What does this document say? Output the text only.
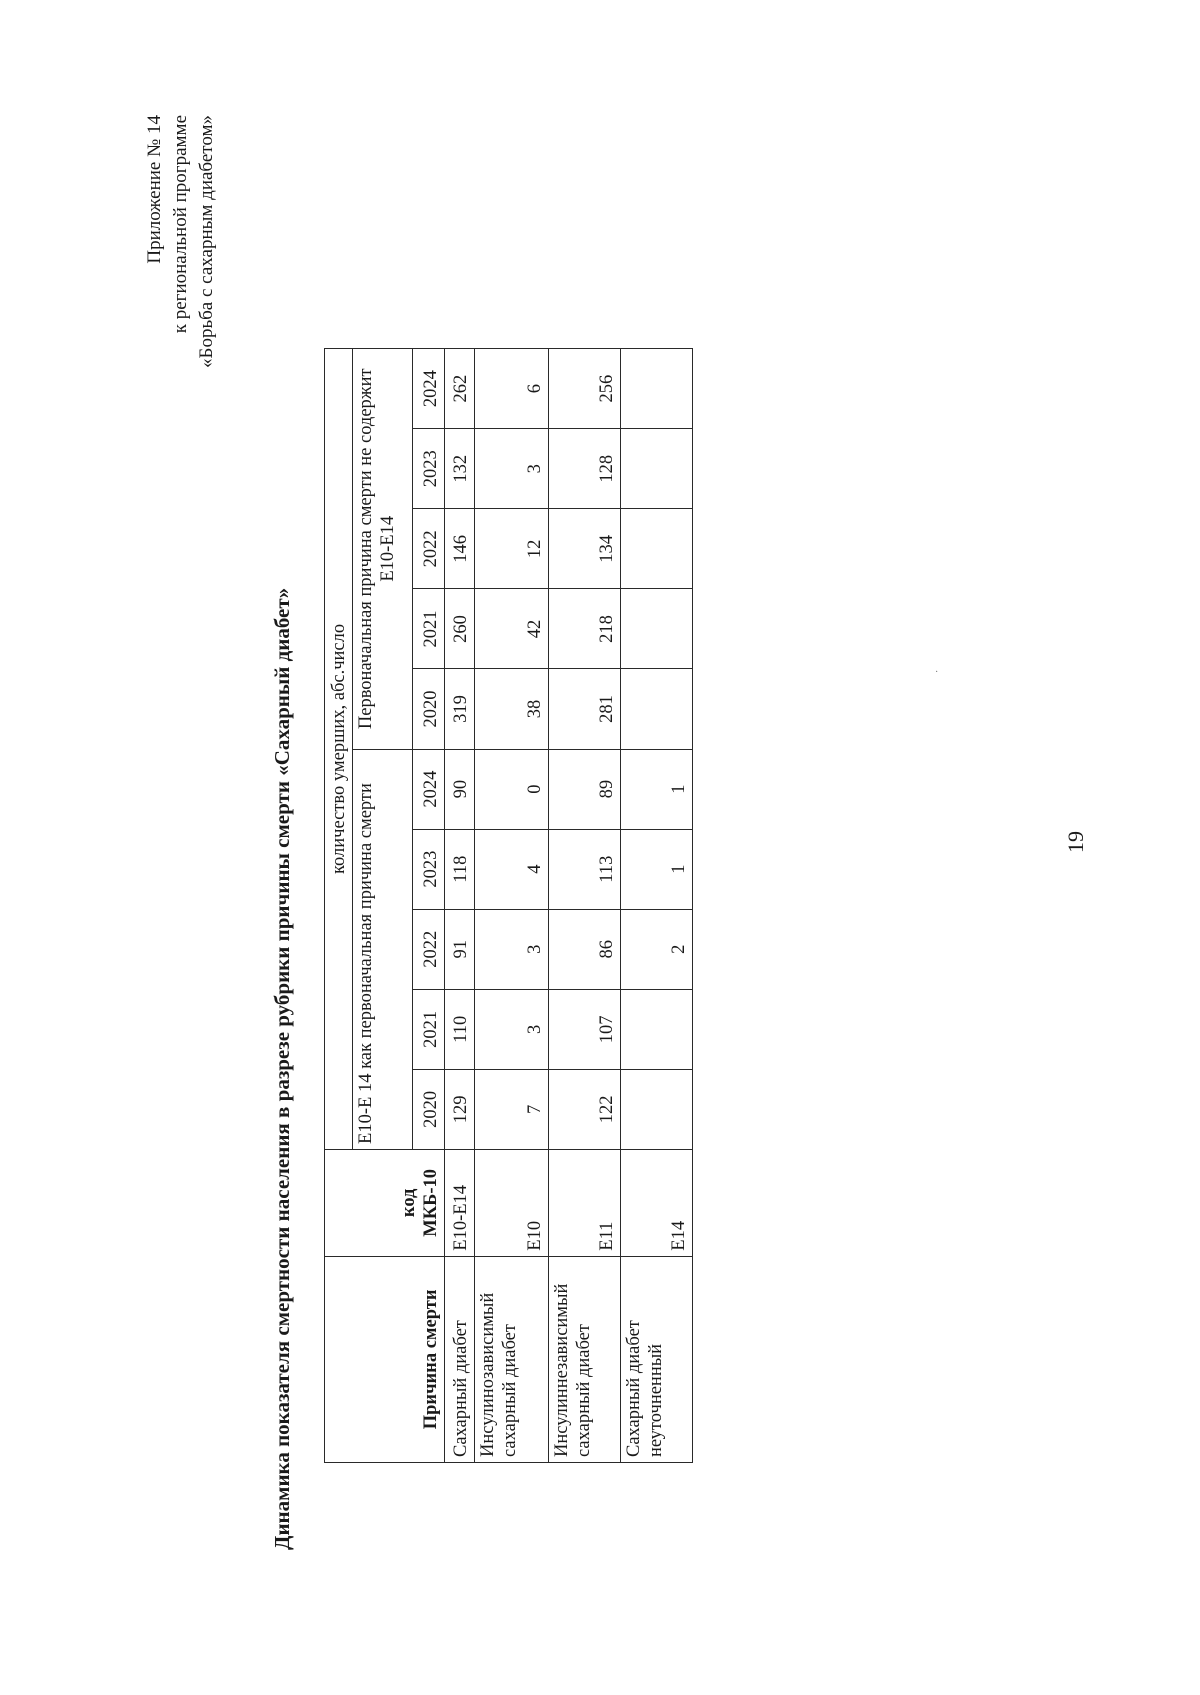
Приложение № 14 к региональной программе «Борьба с сахарным диабетом»
Динамика показателя смертности населения в разрезе рубрики причины смерти «Сахарный диабет»	Причина смерти	код МКБ-10	количество умерших, абс.число									
		Е10-Е 14 как первоначальная причина смерти					Первоначальная причина смерти не содержит Е10-Е14				
		2020	2021	2022	2023	2024	2020	2021	2022	2023	2024
Сахарный диабет	Е10-Е14	129	110	91	118	90	319	260	146	132	262
Инсулинозависимый сахарный диабет	Е10	7	3	3	4	0	38	42	12	3	6
Инсулиннезависимый сахарный диабет	Е11	122	107	86	113	89	281	218	134	128	256
Сахарный диабет неуточненный	Е14			2	1	1					
·
19
